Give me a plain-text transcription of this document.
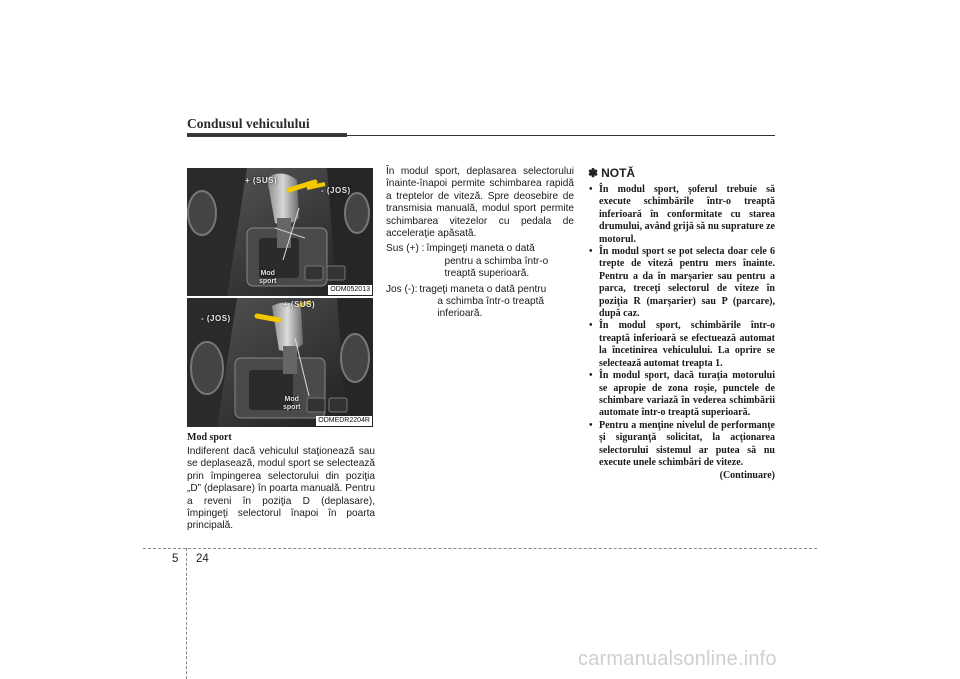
Condusul vehiculului
+ (SUS)
- (JOS)
Mod
sport
ODM052013
+ (SUS)
- (JOS)
Mod
sport
ODMEDR2204R
Mod sport
Indiferent dacă vehiculul staţionează sau se deplasează, modul sport se selectează prin împingerea selectorului din poziţia „D” (deplasare) în poarta manuală. Pentru a reveni în poziţia D (deplasare), împingeţi selectorul înapoi în poarta principală.

În modul sport, deplasarea selectorului înainte-înapoi permite schimbarea rapidă a treptelor de viteză. Spre deosebire de transmisia manuală, modul sport permite schimbarea vitezelor cu pedala de acceleraţie apăsată.

Sus (+) : împingeţi maneta o dată
pentru a schimba într-o treaptă superioară.
Jos (-): trageţi maneta o dată pentru
a schimba într-o treaptă inferioară.
✽ NOTĂ
• În modul sport, şoferul trebuie să execute schimbările într-o treaptă inferioară în conformitate cu starea drumului, având grijă să nu suprature ze motorul.
• În modul sport se pot selecta doar cele 6 trepte de viteză pentru mers înainte. Pentru a da în marşarier sau pentru a parca, treceţi selectorul de viteze în poziţia R (marşarier) sau P (parcare), după caz.
• În modul sport, schimbările într-o treaptă inferioară se efectuează automat la încetinirea vehiculului. La oprire se selectează automat treapta 1.
• În modul sport, dacă turaţia motorului se apropie de zona roşie, punctele de schimbare variază în vederea schimbării automate într-o treaptă superioară.
• Pentru a menţine nivelul de performanţe şi siguranţă solicitat, la acţionarea selectorului sistemul ar putea să nu execute unele schimbări de viteze.
(Continuare)
5 24
carmanualsonline.info
